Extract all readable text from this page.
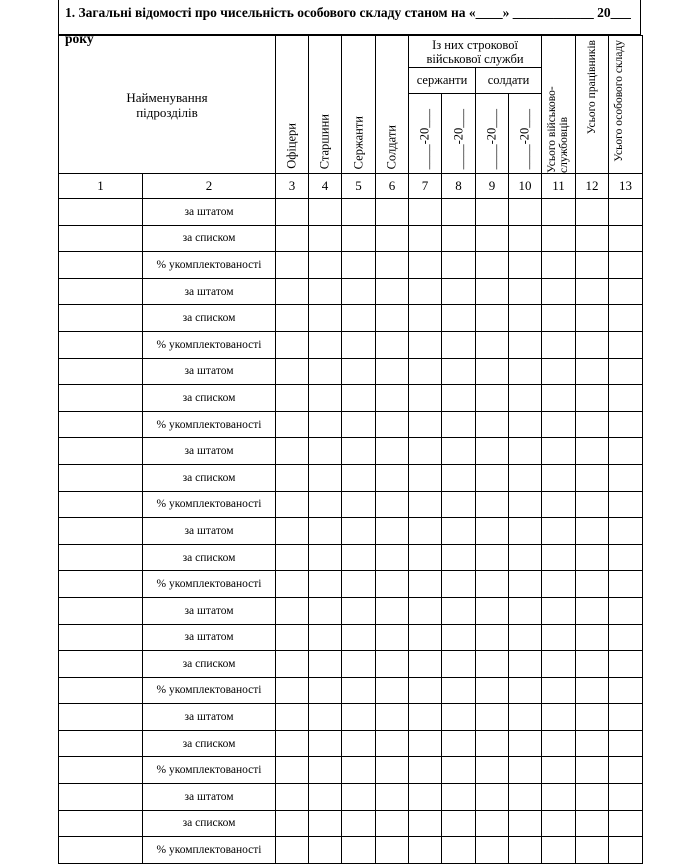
1. Загальні відомості про чисельність особового складу станом на «____» ____________ 20___ року
Найменування підрозділів		Офіцери	Старшини	Сержанти	Солдати	Із них строкової військової служби				Усього військово-службовців	Усього працівників	Усього особового складу

						сержанти		солдати				

						____-20___	____-20___	____-20___	____-20___			

1	2	3	4	5	6	7	8	9	10	11	12	13
	за штатом											
	за списком											
	% укомплектованості											
	за штатом											
	за списком											
	% укомплектованості											
	за штатом											
	за списком											
	% укомплектованості											
	за штатом											
	за списком											
	% укомплектованості											
	за штатом											
	за списком											
	% укомплектованості											
	за штатом											
	за штатом											
	за списком											
	% укомплектованості											
	за штатом											
	за списком											
	% укомплектованості											
	за штатом											
	за списком											
	% укомплектованості											
